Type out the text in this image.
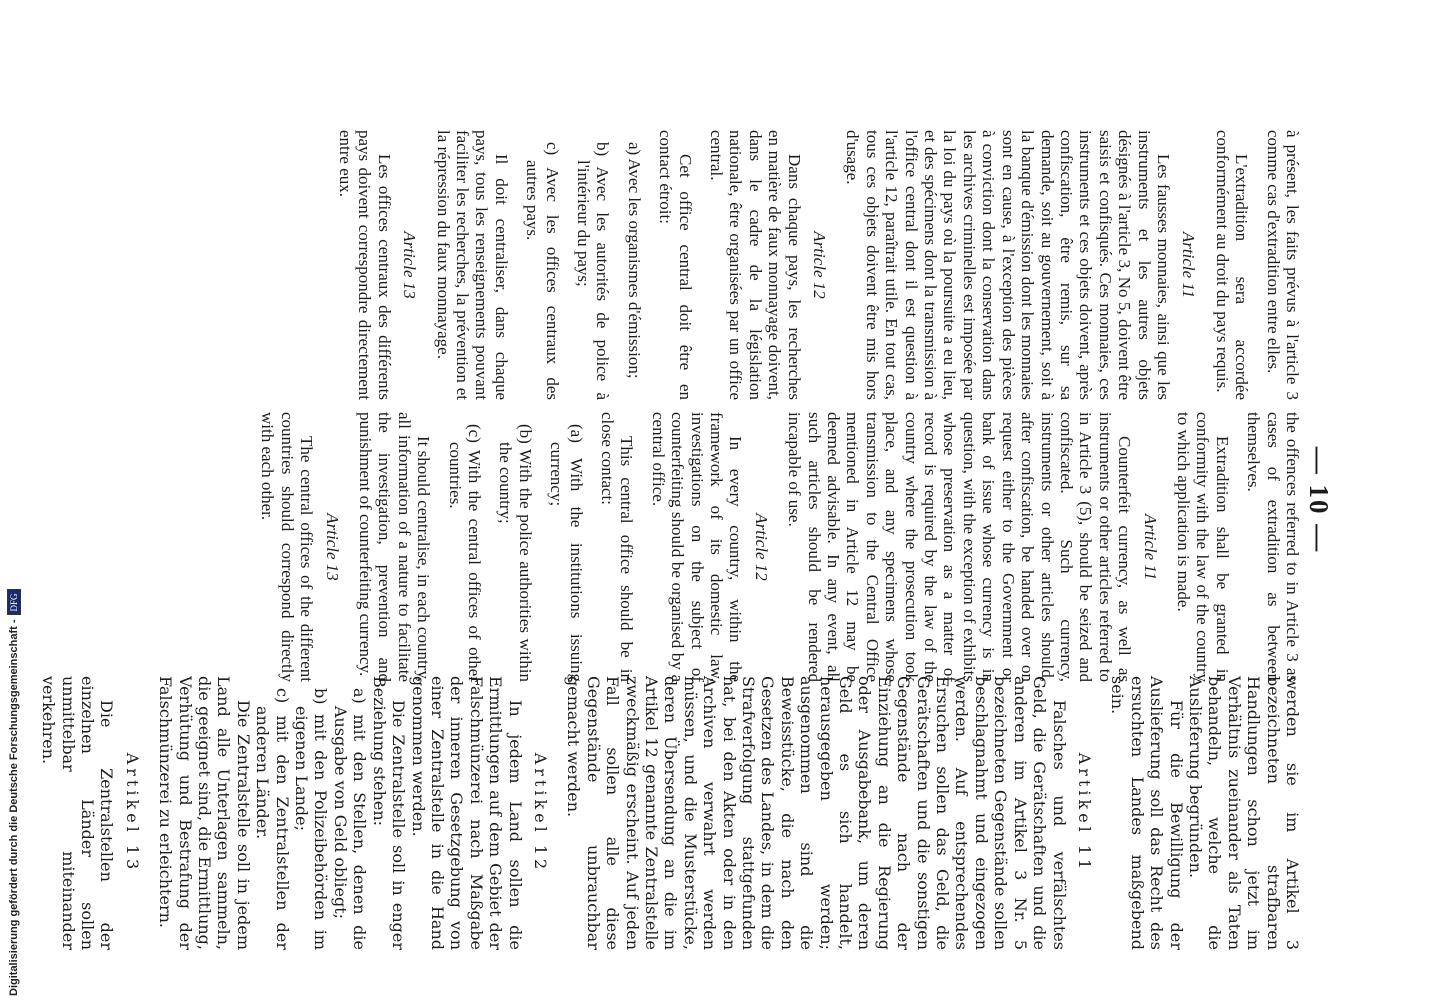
— 10 —

à présent, les faits prévus à l'article 3 comme cas d'extradition entre elles.

L'extradition sera accordée conformément au droit du pays requis.

Article 11

Les fausses monnaies, ainsi que les instruments et les autres objets désignés à l'article 3, No 5, doivent être saisis et confisqués. Ces monnaies, ces instruments et ces objets doivent, après confiscation, être remis, sur sa demande, soit au gouvernement, soit à la banque d'émission dont les monnaies sont en cause, à l'exception des pièces à conviction dont la conservation dans les archives criminelles est imposée par la loi du pays où la poursuite a eu lieu, et des spécimens dont la transmission à l'office central dont il est question à l'article 12, paraîtrait utile. En tout cas, tous ces objets doivent être mis hors d'usage.

Article 12

Dans chaque pays, les recherches en matière de faux monnayage doivent, dans le cadre de la législation nationale, être organisées par un office central.

Cet office central doit être en contact étroit:

a) Avec les organismes d'émission;

b) Avec les autorités de police à l'intérieur du pays;

c) Avec les offices centraux des autres pays.

Il doit centraliser, dans chaque pays, tous les renseignements pouvant faciliter les recherches, la prévention et la répression du faux monnayage.

Article 13

Les offices centraux des différents pays doivent correspondre directement entre eux.

the offences referred to in Article 3 as cases of extradition as between themselves.

Extradition shall be granted in conformity with the law of the country to which application is made.

Article 11

Counterfeit currency, as well as instruments or other articles referred to in Article 3 (5), should be seized and confiscated. Such currency, instruments or other articles should, after confiscation, be handed over on request either to the Government or bank of issue whose currency is in question, with the exception of exhibits whose preservation as a matter of record is required by the law of the country where the prosecution took place, and any specimens whose transmission to the Central Office mentioned in Article 12 may be deemed advisable. In any event, all such articles should be rendered incapable of use.

Article 12

In every country, within the framework of its domestic law, investigations on the subject of counterfeiting should be organised by a central office.

This central office should be in close contact:

(a) With the institutions issuing currency;

(b) With the police authorities within the country;

(c) With the central offices of other countries.

It should centralise, in each country, all information of a nature to facilitate the investigation, prevention and punishment of counterfeiting currency.

Article 13

The central offices of the different countries should correspond directly with each other.

werden sie im Artikel 3 bezeichneten strafbaren Handlungen schon jetzt im Verhältnis zueinander als Taten behandeln, welche die Auslieferung begründen.

Für die Bewilligung der Auslieferung soll das Recht des ersuchten Landes maßgebend sein.

Artikel 11

Falsches und verfälschtes Geld, die Gerätschaften und die anderen im Artikel 3 Nr. 5 bezeichneten Gegenstände sollen beschlagnahmt und eingezogen werden. Auf entsprechendes Ersuchen sollen das Geld, die Gerätschaften und die sonstigen Gegenstände nach der Einziehung an die Regierung oder Ausgabebank, um deren Geld es sich handelt, herausgegeben werden; ausgenommen sind die Beweisstücke, die nach den Gesetzen des Landes, in dem die Strafverfolgung stattgefunden hat, bei den Akten oder in den Archiven verwahrt werden müssen, und die Musterstücke, deren Übersendung an die im Artikel 12 genannte Zentralstelle zweckmäßig erscheint. Auf jeden Fall sollen alle diese Gegenstände unbrauchbar gemacht werden.

Artikel 12

In jedem Land sollen die Ermittlungen auf dem Gebiet der Falschmünzerei nach Maßgabe der inneren Gesetzgebung von einer Zentralstelle in die Hand genommen werden.

Die Zentralstelle soll in enger Beziehung stehen:

a) mit den Stellen, denen die Ausgabe von Geld obliegt;

b) mit den Polizeibehörden im eigenen Lande;

c) mit den Zentralstellen der anderen Länder.

Die Zentralstelle soll in jedem Land alle Unterlagen sammeln, die geeignet sind, die Ermittlung, Verhütung und Bestrafung der Falschmünzerei zu erleichtern.

Artikel 13

Die Zentralstellen der einzelnen Länder sollen unmittelbar miteinander verkehren.

Digitalisierung gefördert durch die Deutsche Forschungsgemeinschaft - DFG
